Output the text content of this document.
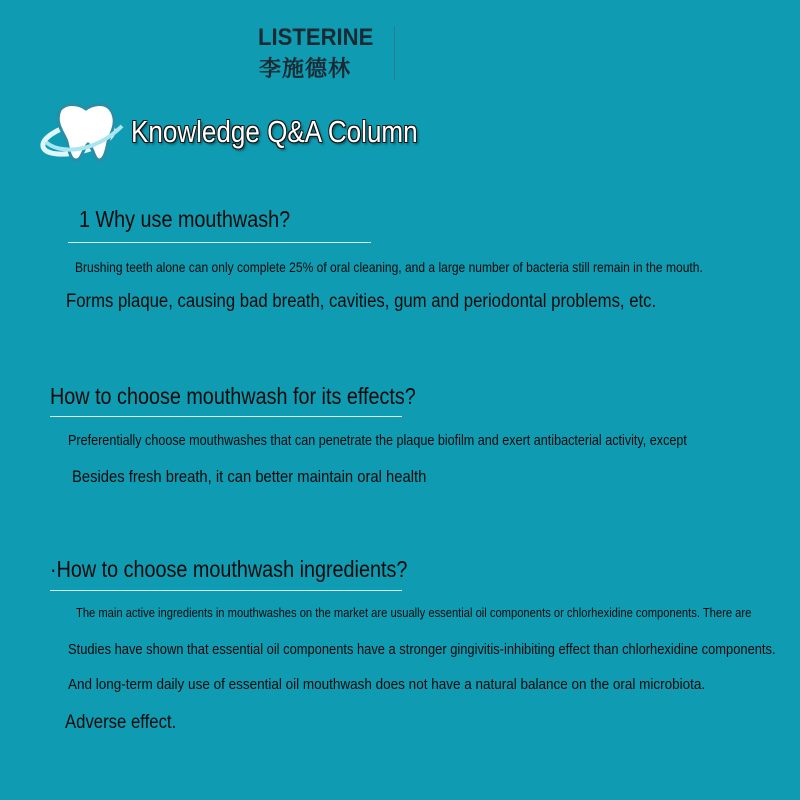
LISTERINE
李施德林
Knowledge Q&A Column
1 Why use mouthwash?
Brushing teeth alone can only complete 25% of oral cleaning, and a large number of bacteria still remain in the mouth.
Forms plaque, causing bad breath, cavities, gum and periodontal problems, etc.
How to choose mouthwash for its effects?
Preferentially choose mouthwashes that can penetrate the plaque biofilm and exert antibacterial activity, except
Besides fresh breath, it can better maintain oral health
·How to choose mouthwash ingredients?
The main active ingredients in mouthwashes on the market are usually essential oil components or chlorhexidine components. There are
Studies have shown that essential oil components have a stronger gingivitis-inhibiting effect than chlorhexidine components.
And long-term daily use of essential oil mouthwash does not have a natural balance on the oral microbiota.
Adverse effect.
